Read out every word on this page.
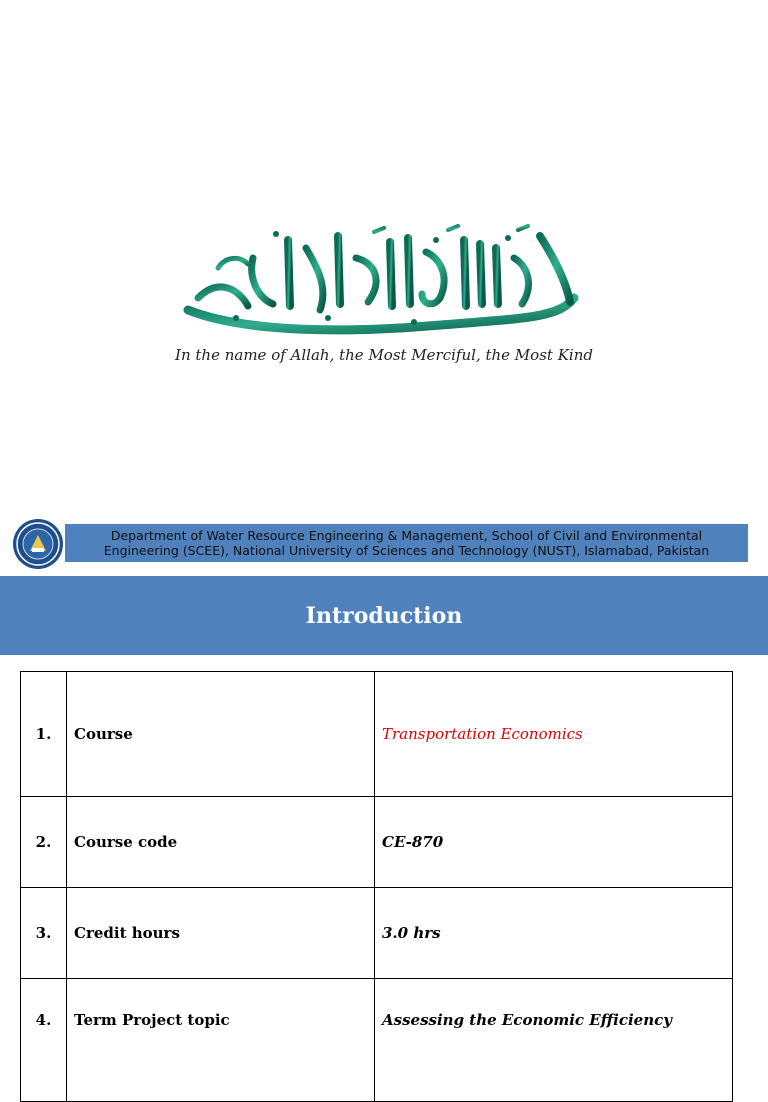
In the name of Allah, the Most Merciful, the Most Kind
Department of Water Resource Engineering & Management, School of Civil and Environmental Engineering (SCEE), National University of Sciences and Technology (NUST), Islamabad, Pakistan
Introduction
1.	Course	Transportation Economics
2.	Course code	CE-870
3.	Credit hours	3.0 hrs
4.	Term Project topic	Assessing the Economic Efficiency
